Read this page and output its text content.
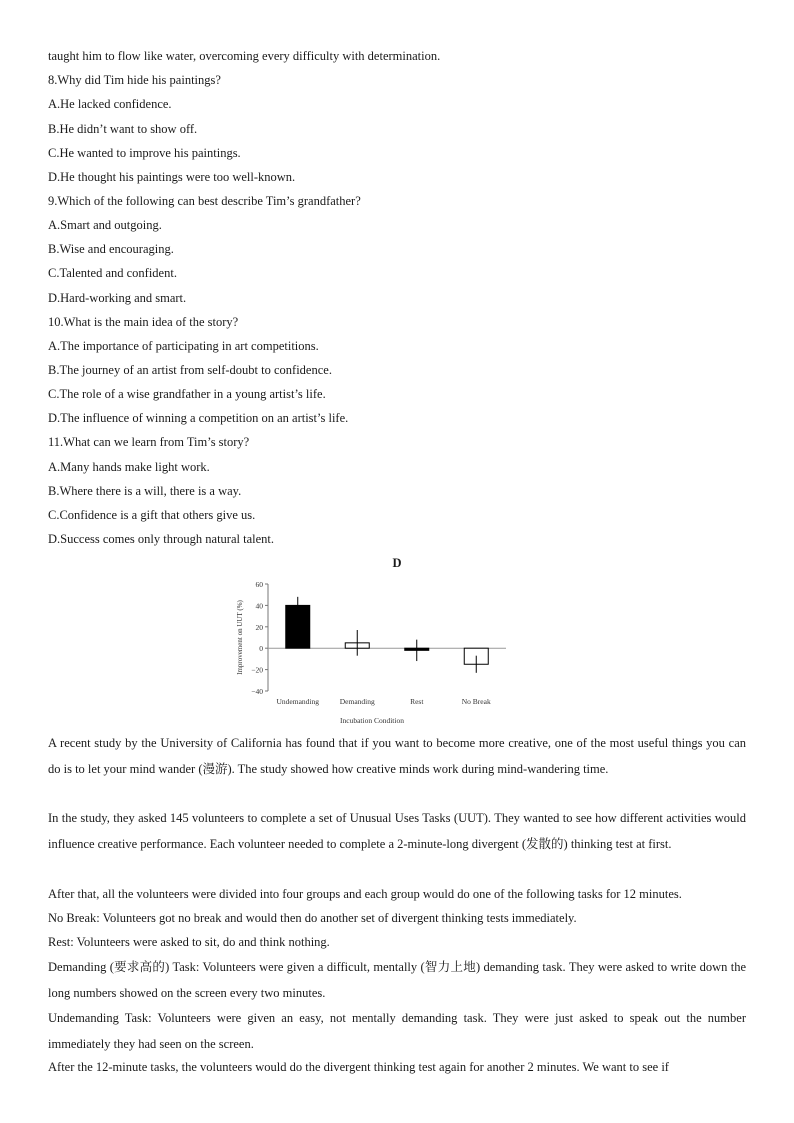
taught him to flow like water, overcoming every difficulty with determination.
8.Why did Tim hide his paintings?
A.He lacked confidence.
B.He didn’t want to show off.
C.He wanted to improve his paintings.
D.He thought his paintings were too well-known.
9.Which of the following can best describe Tim’s grandfather?
A.Smart and outgoing.
B.Wise and encouraging.
C.Talented and confident.
D.Hard-working and smart.
10.What is the main idea of the story?
A.The importance of participating in art competitions.
B.The journey of an artist from self-doubt to confidence.
C.The role of a wise grandfather in a young artist’s life.
D.The influence of winning a competition on an artist’s life.
11.What can we learn from Tim’s story?
A.Many hands make light work.
B.Where there is a will, there is a way.
C.Confidence is a gift that others give us.
D.Success comes only through natural talent.
D
60
40
20
0
−20
−40
Undemanding	Demanding	Rest	No Break
Incubation Condition
Improvement on UUT (%)
A recent study by the University of California has found that if you want to become more creative, one of the most useful things you can do is to let your mind wander (漫游). The study showed how creative minds work during mind-wandering time.
In the study, they asked 145 volunteers to complete a set of Unusual Uses Tasks (UUT). They wanted to see how different activities would influence creative performance. Each volunteer needed to complete a 2-minute-long divergent (发散的) thinking test at first.
After that, all the volunteers were divided into four groups and each group would do one of the following tasks for 12 minutes.
No Break: Volunteers got no break and would then do another set of divergent thinking tests immediately.
Rest: Volunteers were asked to sit, do and think nothing.
Demanding (要求高的) Task: Volunteers were given a difficult, mentally (智力上地) demanding task. They were asked to write down the long numbers showed on the screen every two minutes.
Undemanding Task: Volunteers were given an easy, not mentally demanding task. They were just asked to speak out the number immediately they had seen on the screen.
After the 12-minute tasks, the volunteers would do the divergent thinking test again for another 2 minutes. We want to see if
